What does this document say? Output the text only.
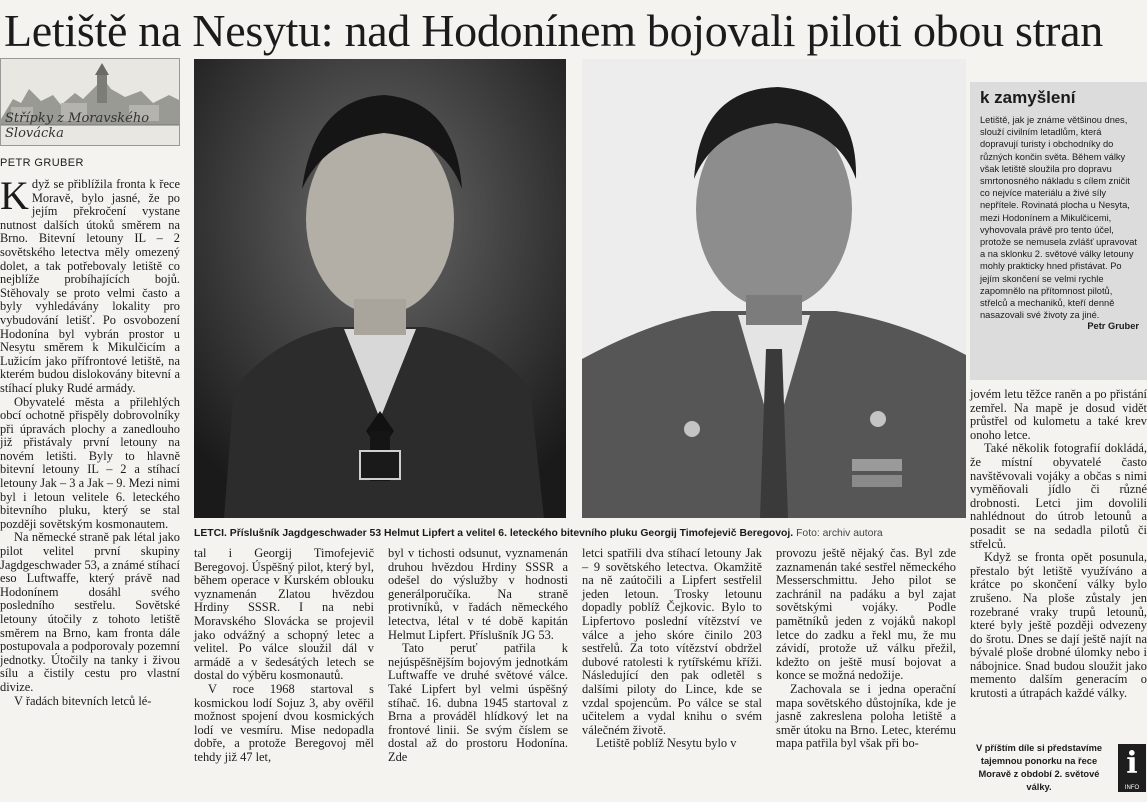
Letiště na Nesytu: nad Hodonínem bojovali piloti obou stran
Střípky z Moravského Slovácka
PETR GRUBER

Když se přiblížila fronta k řece Moravě, bylo jasné, že po jejím překročení vystane nutnost dalších útoků směrem na Brno. Bitevní letouny IL – 2 sovětského letectva měly omezený dolet, a tak potřebovaly letiště co nejblíže probíhajících bojů. Stěhovaly se proto velmi často a byly vyhledávány lokality pro vybudování letišť. Po osvobození Hodonína byl vybrán prostor u Nesytu směrem k Mikulčicím a Lužicím jako přífrontové letiště, na kterém budou dislokovány bitevní a stíhací pluky Rudé armády.

Obyvatelé města a přilehlých obcí ochotně přispěly dobrovolníky při úpravách plochy a zanedlouho již přistávaly první letouny na novém letišti. Byly to hlavně bitevní letouny IL – 2 a stíhací letouny Jak – 3 a Jak – 9. Mezi nimi byl i letoun velitele 6. leteckého bitevního pluku, který se stal později sovětským kosmonautem.

Na německé straně pak létal jako pilot velitel první skupiny Jagdgeschwader 53, a známé stíhací eso Luftwaffe, který právě nad Hodonínem dosáhl svého posledního sestřelu. Sovětské letouny útočily z tohoto letiště směrem na Brno, kam fronta dále postupovala a podporovaly pozemní jednotky. Útočily na tanky i živou sílu a čistily cestu pro vlastní divize.

V řadách bitevních letců lé-

LETCI. Příslušník Jagdgeschwader 53 Helmut Lipfert a velitel 6. leteckého bitevního pluku Georgij Timofejevič Beregovoj. Foto: archiv autora

tal i Georgij Timofejevič Beregovoj. Úspěšný pilot, který byl, během operace v Kurském oblouku vyznamenán Zlatou hvězdou Hrdiny SSSR. I na nebi Moravského Slovácka se projevil jako odvážný a schopný letec a velitel. Po válce sloužil dál v armádě a v šedesátých letech se dostal do výběru kosmonautů.

V roce 1968 startoval s kosmickou lodí Sojuz 3, aby ověřil možnost spojení dvou kosmických lodí ve vesmíru. Mise nedopadla dobře, a protože Beregovoj měl tehdy již 47 let,

byl v tichosti odsunut, vyznamenán druhou hvězdou Hrdiny SSSR a odešel do výslužby v hodnosti generálporučíka. Na straně protivníků, v řadách německého letectva, létal v té době kapitán Helmut Lipfert. Příslušník JG 53.

Tato peruť patřila k nejúspěšnějším bojovým jednotkám Luftwaffe ve druhé světové válce. Také Lipfert byl velmi úspěšný stíhač. 16. dubna 1945 startoval z Brna a prováděl hlídkový let na frontové linii. Se svým číslem se dostal až do prostoru Hodonína. Zde

letci spatřili dva stíhací letouny Jak – 9 sovětského letectva. Okamžitě na ně zaútočili a Lipfert sestřelil jeden letoun. Trosky letounu dopadly poblíž Čejkovic. Bylo to Lipfertovo poslední vítězství ve válce a jeho skóre činilo 203 sestřelů. Za toto vítězství obdržel dubové ratolesti k rytířskému kříži. Následující den pak odletěl s dalšími piloty do Lince, kde se vzdal spojencům. Po válce se stal učitelem a vydal knihu o svém válečném životě.

Letiště poblíž Nesytu bylo v

provozu ještě nějaký čas. Byl zde zaznamenán také sestřel německého Messerschmittu. Jeho pilot se zachránil na padáku a byl zajat sovětskými vojáky. Podle pamětníků jeden z vojáků nakopl letce do zadku a řekl mu, že mu závidí, protože už válku přežil, kdežto on ještě musí bojovat a konce se možná nedožije.

Zachovala se i jedna operační mapa sovětského důstojníka, kde je jasně zakreslena poloha letiště a směr útoku na Brno. Letec, kterému mapa patřila byl však při bo-

k zamyšlení

Letiště, jak je známe většinou dnes, slouží civilním letadlům, která dopravují turisty i obchodníky do různých končin světa. Během války však letiště sloužila pro dopravu smrtonosného nákladu s cílem zničit co nejvíce materiálu a živé síly nepřítele. Rovinatá plocha u Nesyta, mezi Hodonínem a Mikulčicemi, vyhovovala právě pro tento účel, protože se nemusela zvlášť upravovat a na sklonku 2. světové války letouny mohly prakticky hned přistávat. Po jejím skončení se velmi rychle zapomnělo na přítomnost pilotů, střelců a mechaniků, kteří denně nasazovali své životy za jiné.

Petr Gruber

jovém letu těžce raněn a po přistání zemřel. Na mapě je dosud vidět průstřel od kulometu a také krev onoho letce.

Také několik fotografií dokládá, že místní obyvatelé často navštěvovali vojáky a občas s nimi vyměňovali jídlo či různé drobnosti. Letci jim dovolili nahlédnout do útrob letounů a posadit se na sedadla pilotů či střelců.

Když se fronta opět posunula, přestalo být letiště využíváno a krátce po skončení války bylo zrušeno. Na ploše zůstaly jen rozebrané vraky trupů letounů, které byly ještě později odvezeny do šrotu. Dnes se dají ještě najít na bývalé ploše drobné úlomky nebo i nábojnice. Snad budou sloužit jako memento dalším generacím o krutosti a útrapách každé války.

V příštím díle si představíme tajemnou ponorku na řece Moravě z období 2. světové války.
i
INFO
